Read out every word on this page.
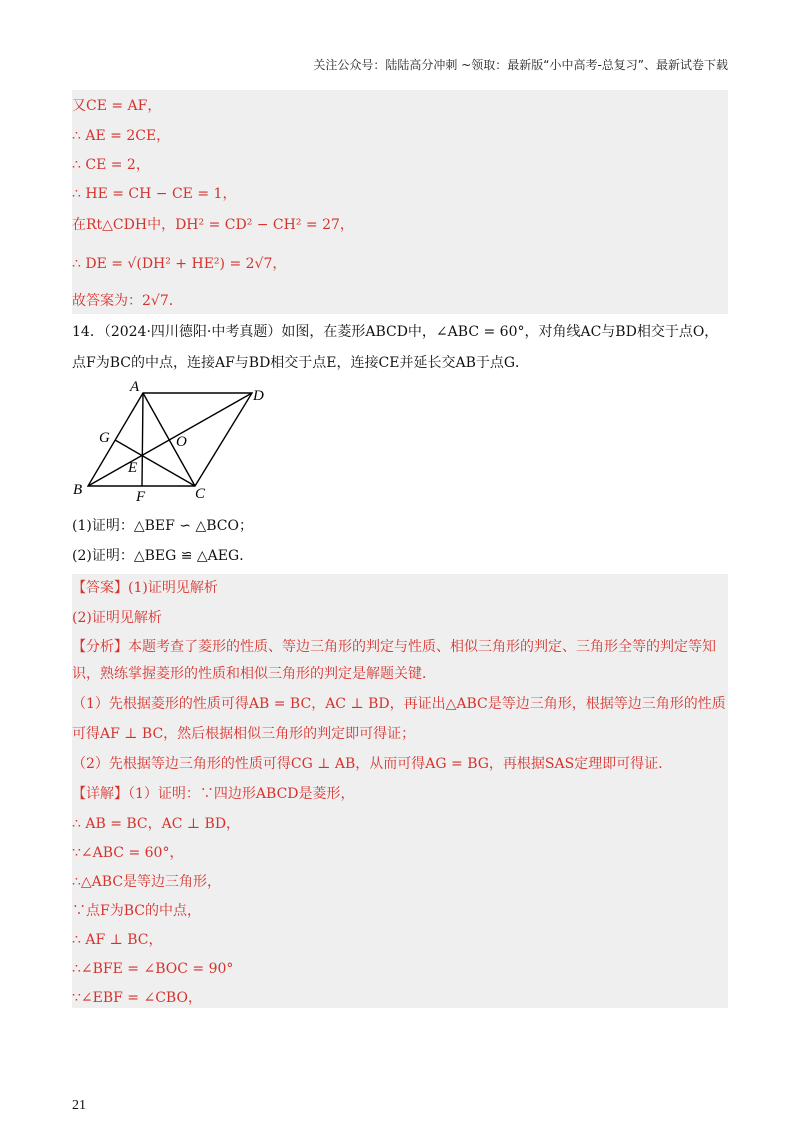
关注公众号：陆陆高分冲刺 ~领取：最新版“小中高考-总复习”、最新试卷下载
又CE = AF，
∴ AE = 2CE，
∴ CE = 2，
∴ HE = CH − CE = 1，
在Rt△CDH中，DH² = CD² − CH² = 27，
∴ DE = √(DH² + HE²) = 2√7，
故答案为：2√7．
14．（2024·四川德阳·中考真题）如图，在菱形ABCD中，∠ABC = 60°，对角线AC与BD相交于点O，
点F为BC的中点，连接AF与BD相交于点E，连接CE并延长交AB于点G．
A
D
G	O
E
B	F	C
(1)证明：△BEF ∽ △BCO；
(2)证明：△BEG ≌ △AEG．
【答案】(1)证明见解析
(2)证明见解析
【分析】本题考查了菱形的性质、等边三角形的判定与性质、相似三角形的判定、三角形全等的判定等知
识，熟练掌握菱形的性质和相似三角形的判定是解题关键．
（1）先根据菱形的性质可得AB = BC，AC ⊥ BD，再证出△ABC是等边三角形，根据等边三角形的性质
可得AF ⊥ BC，然后根据相似三角形的判定即可得证；
（2）先根据等边三角形的性质可得CG ⊥ AB，从而可得AG = BG，再根据SAS定理即可得证．
【详解】（1）证明：∵四边形ABCD是菱形，
∴ AB = BC，AC ⊥ BD，
∵∠ABC = 60°，
∴△ABC是等边三角形，
∵点F为BC的中点，
∴ AF ⊥ BC，
∴∠BFE = ∠BOC = 90°
∵∠EBF = ∠CBO，
21
